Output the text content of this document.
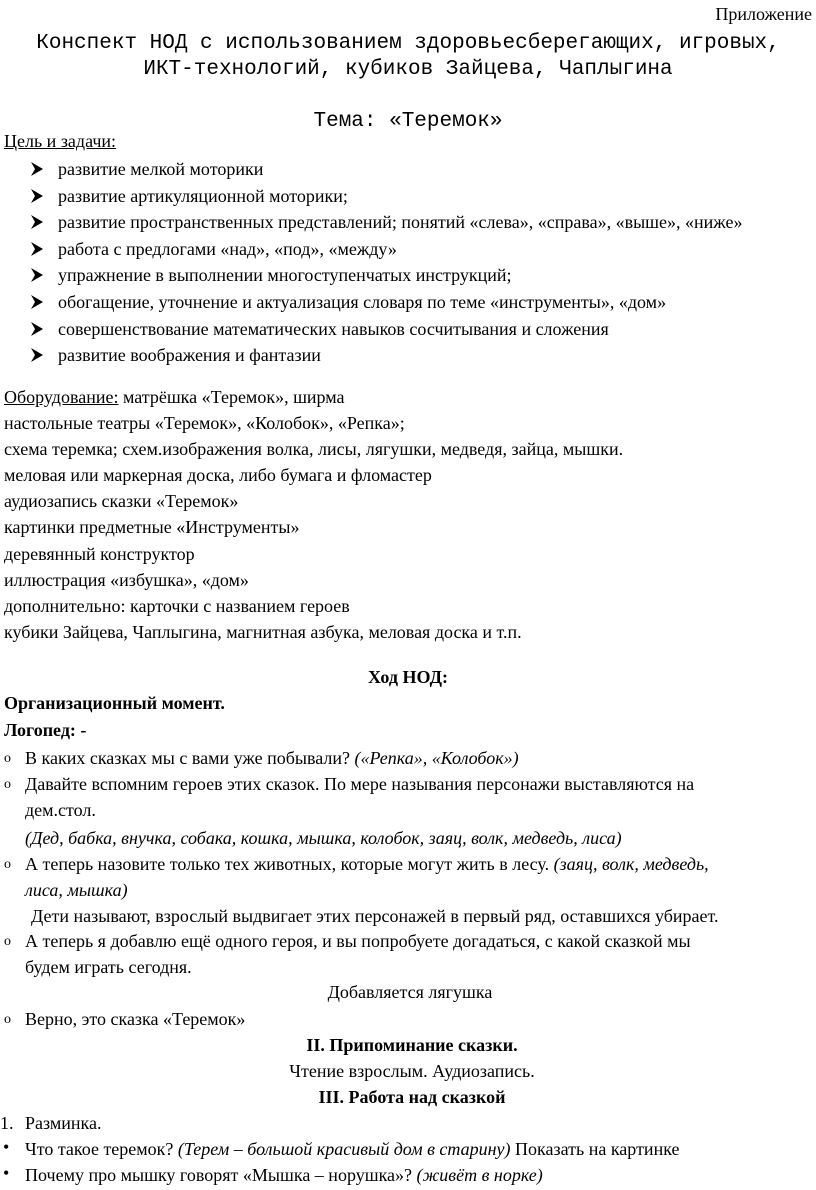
Приложение
Конспект НОД с использованием здоровьесберегающих, игровых,
ИКТ-технологий, кубиков Зайцева, Чаплыгина
Тема: «Теремок»
Цель и задачи:
развитие мелкой моторики
развитие артикуляционной моторики;
развитие пространственных представлений; понятий «слева», «справа», «выше», «ниже»
работа с предлогами «над», «под», «между»
упражнение в выполнении многоступенчатых инструкций;
обогащение, уточнение и актуализация словаря по теме «инструменты», «дом»
совершенствование математических навыков сосчитывания и сложения
развитие воображения и фантазии
Оборудование: матрёшка «Теремок», ширма
настольные театры «Теремок», «Колобок», «Репка»;
схема теремка; схем.изображения волка, лисы, лягушки, медведя, зайца, мышки.
меловая или маркерная доска, либо бумага и фломастер
аудиозапись сказки «Теремок»
картинки предметные «Инструменты»
деревянный конструктор
иллюстрация «избушка», «дом»
дополнительно: карточки с названием героев
кубики Зайцева, Чаплыгина, магнитная азбука, меловая доска и т.п.
Ход НОД:
Организационный момент.
Логопед: -
o В каких сказках мы с вами уже побывали? («Репка», «Колобок»)
o Давайте вспомним героев этих сказок. По мере называния персонажи выставляются на
дем.стол.
(Дед, бабка, внучка, собака, кошка, мышка, колобок, заяц, волк, медведь, лиса)
o А теперь назовите только тех животных, которые могут жить в лесу. (заяц, волк, медведь,
лиса, мышка)
Дети называют, взрослый выдвигает этих персонажей в первый ряд, оставшихся убирает.
o А теперь я добавлю ещё одного героя, и вы попробуете догадаться, с какой сказкой мы
будем играть сегодня.
Добавляется лягушка
o Верно, это сказка «Теремок»
II. Припоминание сказки.
Чтение взрослым. Аудиозапись.
III. Работа над сказкой
1. Разминка.
• Что такое теремок? (Терем – большой красивый дом в старину) Показать на картинке
• Почему про мышку говорят «Мышка – норушка»? (живёт в норке)
